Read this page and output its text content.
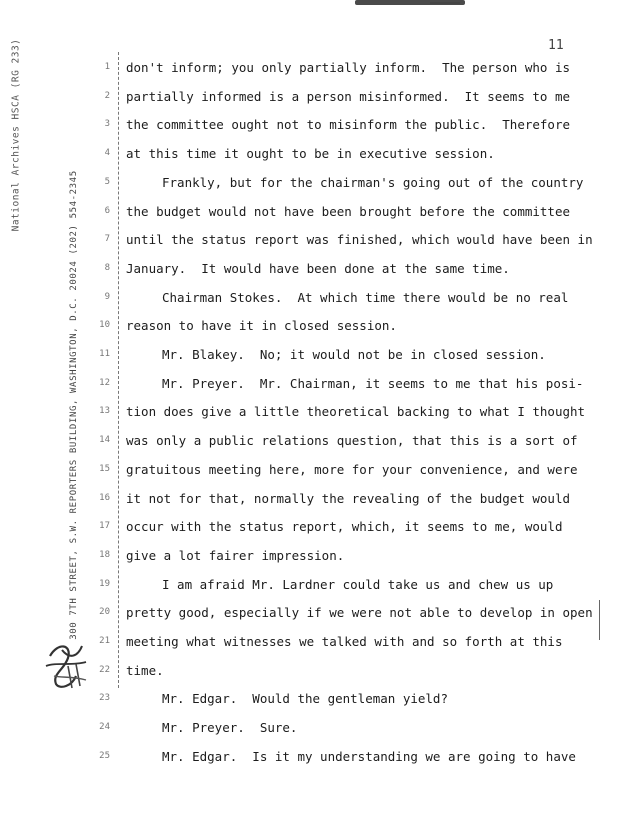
11
National Archives HSCA (RG 233)
300 7TH STREET, S.W. REPORTERS BUILDING, WASHINGTON, D.C. 20024 (202) 554-2345
1 don't inform; you only partially inform.  The person who is
2 partially informed is a person misinformed.  It seems to me
3 the committee ought not to misinform the public.  Therefore
4 at this time it ought to be in executive session.
5	Frankly, but for the chairman's going out of the country
6 the budget would not have been brought before the committee
7 until the status report was finished, which would have been in
8 January.  It would have been done at the same time.
9	Chairman Stokes.  At which time there would be no real
10 reason to have it in closed session.
11	Mr. Blakey.  No; it would not be in closed session.
12	Mr. Preyer.  Mr. Chairman, it seems to me that his posi-
13 tion does give a little theoretical backing to what I thought
14 was only a public relations question, that this is a sort of
15 gratuitous meeting here, more for your convenience, and were
16 it not for that, normally the revealing of the budget would
17 occur with the status report, which, it seems to me, would
18 give a lot fairer impression.
19	I am afraid Mr. Lardner could take us and chew us up
20 pretty good, especially if we were not able to develop in open
21 meeting what witnesses we talked with and so forth at this
22 time.
23	Mr. Edgar.  Would the gentleman yield?
24	Mr. Preyer.  Sure.
25	Mr. Edgar.  Is it my understanding we are going to have
